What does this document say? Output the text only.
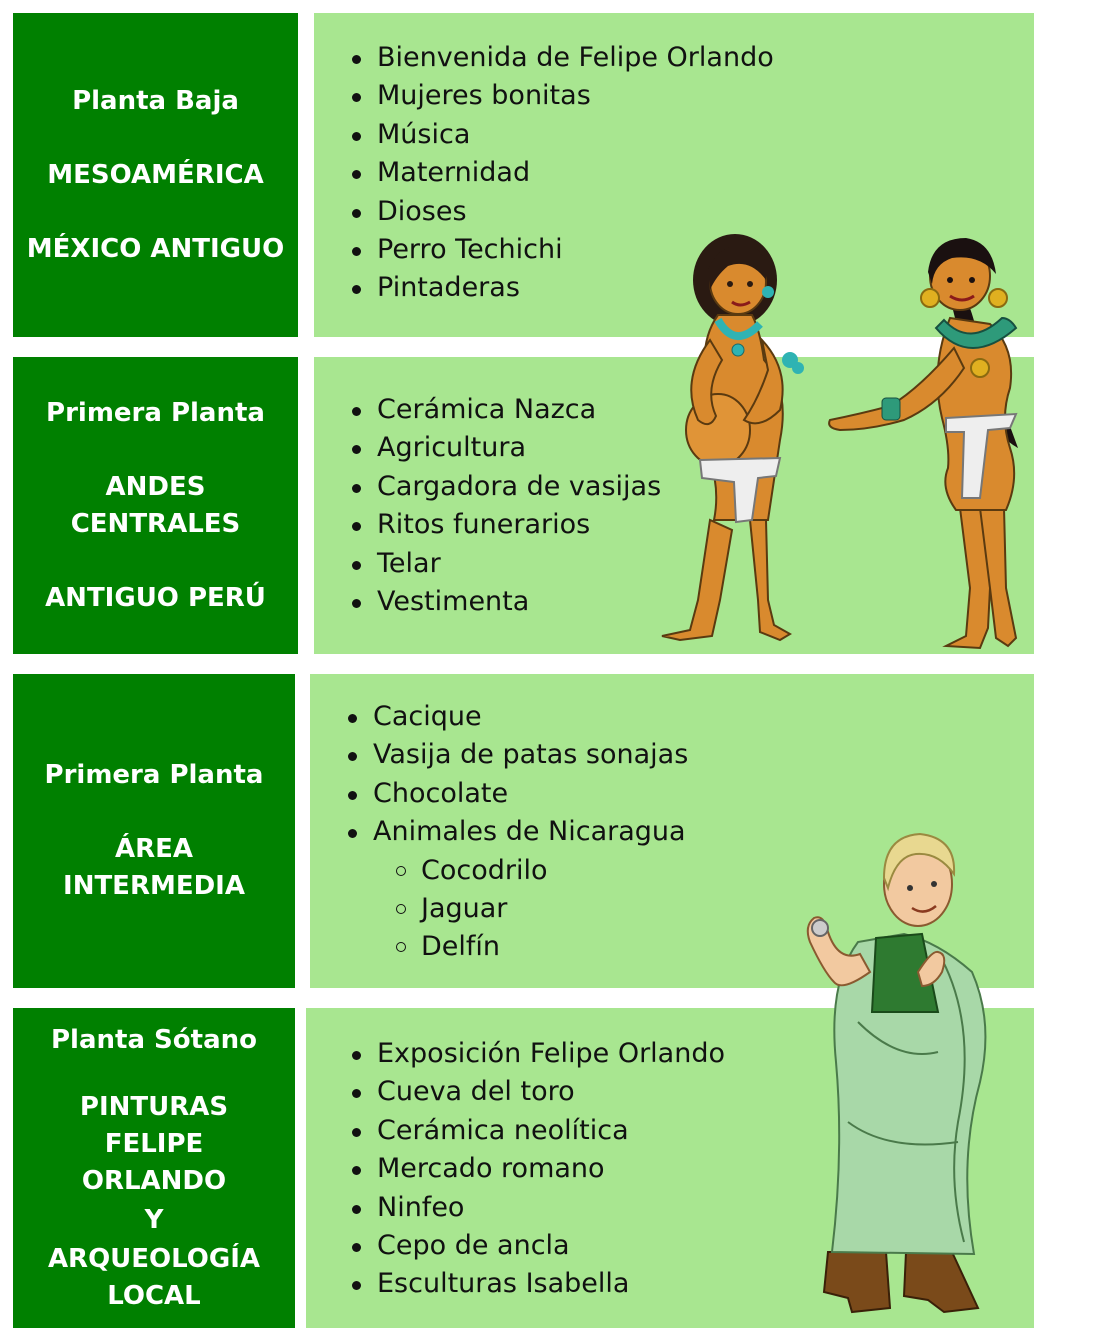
Planta Baja
MESOAMÉRICA
MÉXICO ANTIGUO
Bienvenida de Felipe Orlando
Mujeres bonitas
Música
Maternidad
Dioses
Perro Techichi
Pintaderas
Primera Planta
ANDES CENTRALES
ANTIGUO PERÚ
Cerámica Nazca
Agricultura
Cargadora de vasijas
Ritos funerarios
Telar
Vestimenta
Primera Planta
ÁREA INTERMEDIA
Cacique
Vasija de patas sonajas
Chocolate
Animales de Nicaragua
Cocodrilo
Jaguar
Delfín
Planta Sótano
PINTURAS FELIPE ORLANDO
Y
ARQUEOLOGÍA LOCAL
Exposición Felipe Orlando
Cueva del toro
Cerámica neolítica
Mercado romano
Ninfeo
Cepo de ancla
Esculturas Isabella
